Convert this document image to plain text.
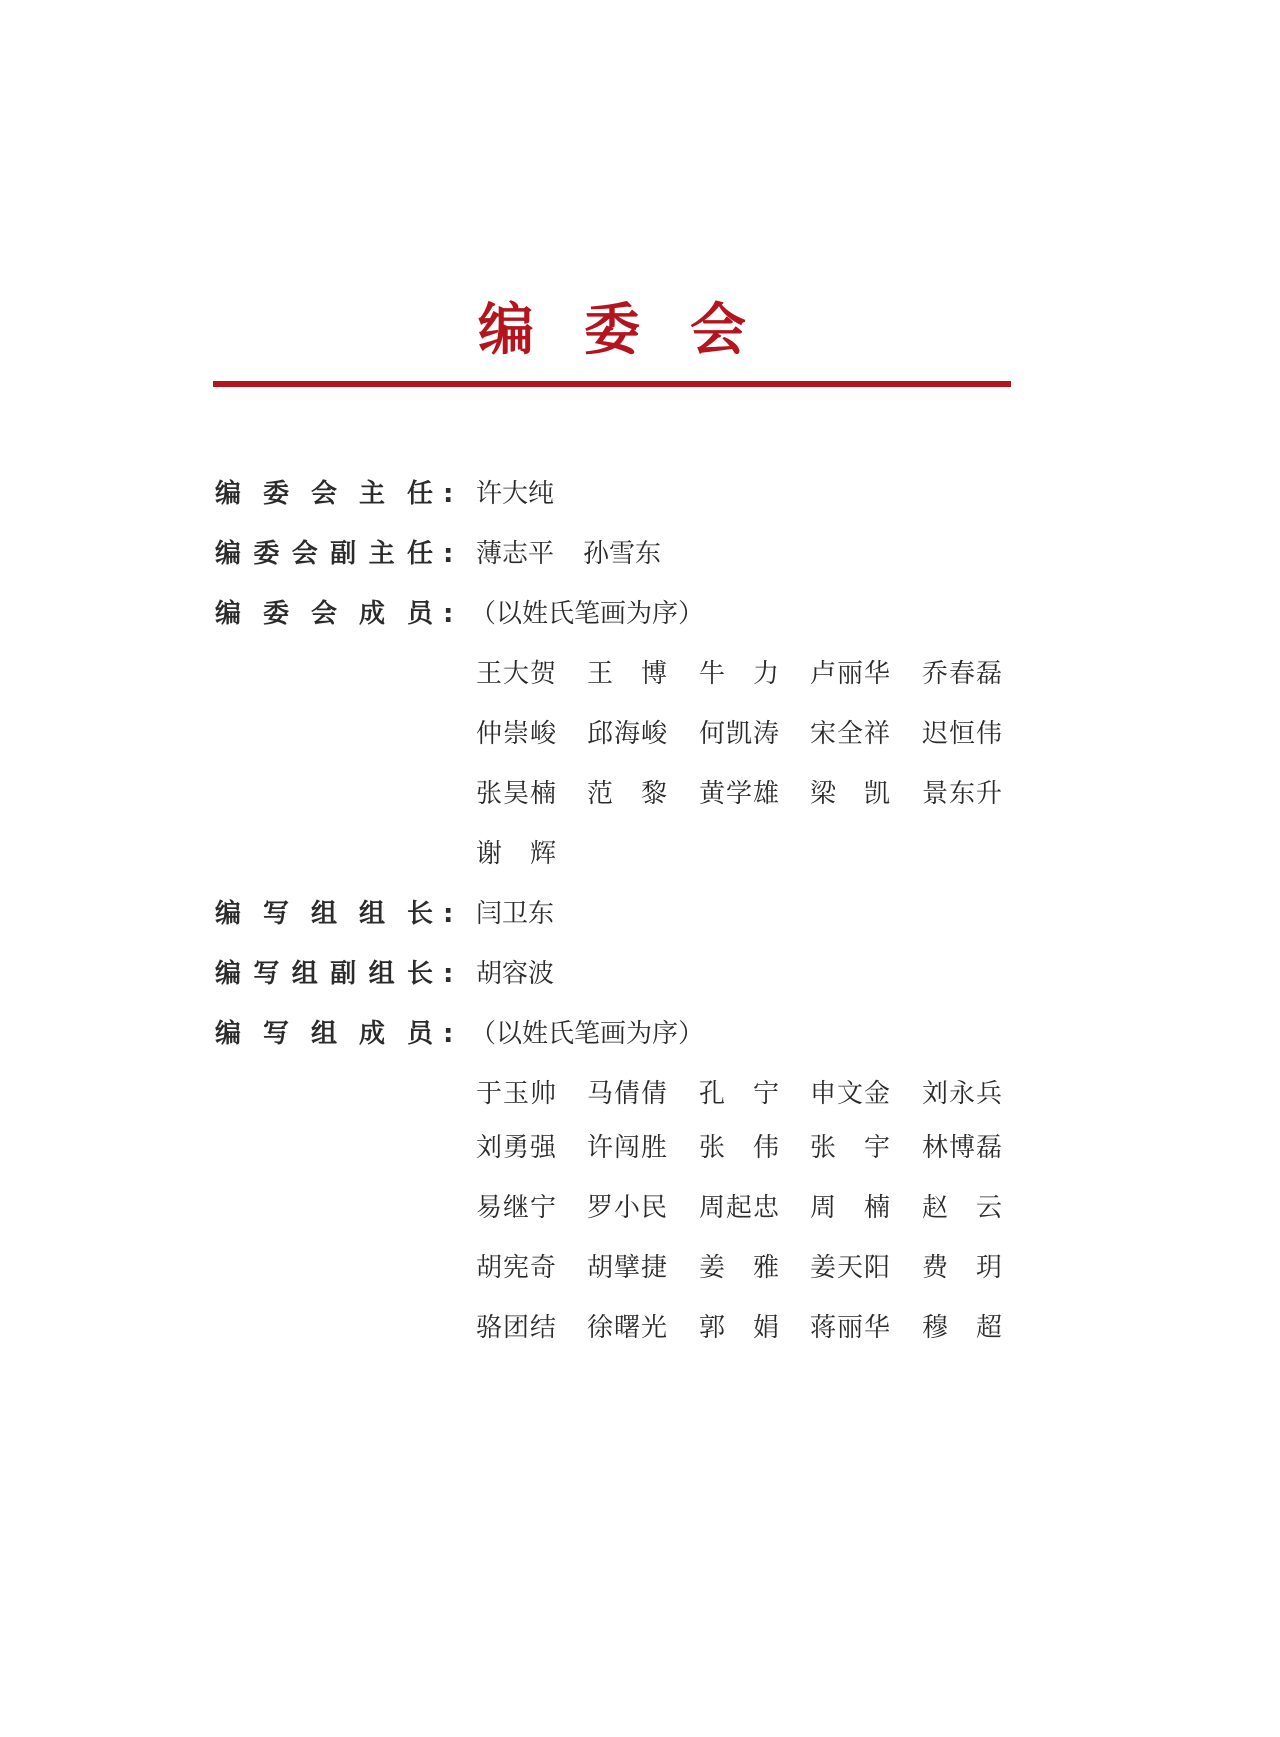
编委会
编 委 会 主 任 : 许大纯
编 委 会 副 主 任 : 薄志平 孙雪东
编 委 会 成 员 : （以姓氏笔画为序）
王 大 贺 王 博 牛 力 卢 丽 华 乔 春 磊
仲 崇 峻 邱 海 峻 何 凯 涛 宋 全 祥 迟 恒 伟
张 昊 楠 范 黎 黄 学 雄 梁 凯 景 东 升
谢 辉
编 写 组 组 长 : 闫卫东
编 写 组 副 组 长 : 胡容波
编 写 组 成 员 : （以姓氏笔画为序）
于 玉 帅 马 倩 倩 孔 宁 申 文 金 刘 永 兵
刘 勇 强 许 闯 胜 张 伟 张 宇 林 博 磊
易 继 宁 罗 小 民 周 起 忠 周 楠 赵 云
胡 宪 奇 胡 擘 捷 姜 雅 姜 天 阳 费 玥
骆 团 结 徐 曙 光 郭 娟 蒋 丽 华 穆 超
